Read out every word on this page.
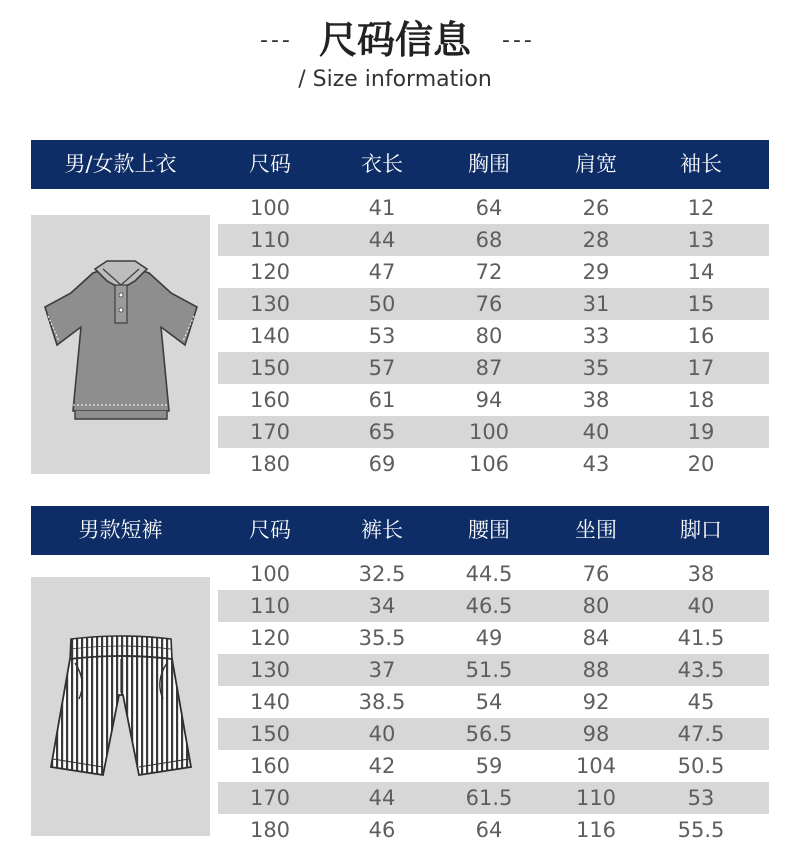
--- 尺码信息	---
/ Size information
男/女款上衣	尺码	衣长	胸围	肩宽	袖长
100	41	64	26	12
110	44	68	28	13
120	47	72	29	14
130	50	76	31	15
140	53	80	33	16
150	57	87	35	17
160	61	94	38	18
170	65	100	40	19
180	69	106	43	20
男款短裤	尺码	裤长	腰围	坐围	脚口
100	32.5	44.5	76	38
110	34	46.5	80	40
120	35.5	49	84	41.5
130	37	51.5	88	43.5
140	38.5	54	92	45
150	40	56.5	98	47.5
160	42	59	104	50.5
170	44	61.5	110	53
180	46	64	116	55.5
